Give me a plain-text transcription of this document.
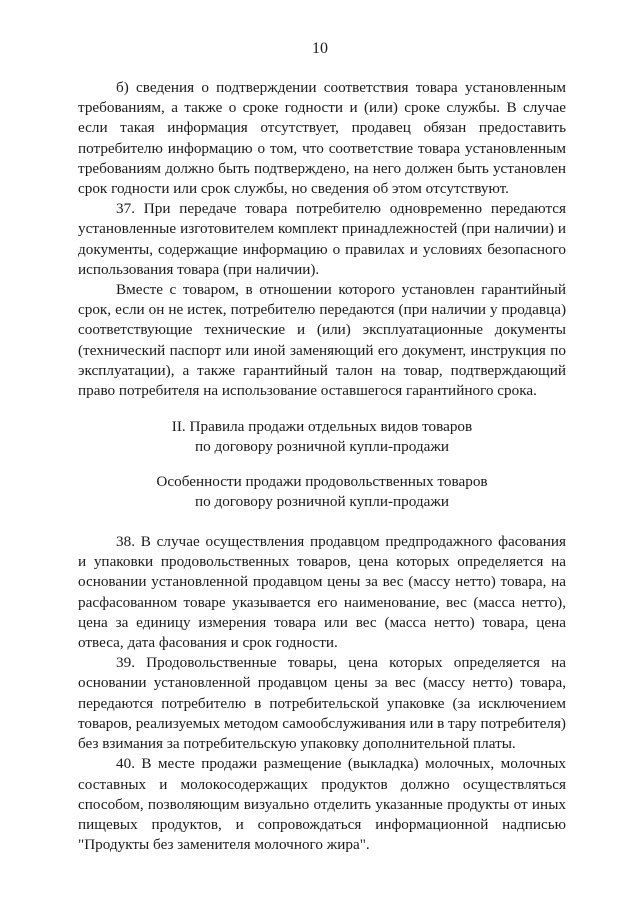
10

б) сведения о подтверждении соответствия товара установленным требованиям, а также о сроке годности и (или) сроке службы. В случае если такая информация отсутствует, продавец обязан предоставить потребителю информацию о том, что соответствие товара установленным требованиям должно быть подтверждено, на него должен быть установлен срок годности или срок службы, но сведения об этом отсутствуют.

37. При передаче товара потребителю одновременно передаются установленные изготовителем комплект принадлежностей (при наличии) и документы, содержащие информацию о правилах и условиях безопасного использования товара (при наличии).

Вместе с товаром, в отношении которого установлен гарантийный срок, если он не истек, потребителю передаются (при наличии у продавца) соответствующие технические и (или) эксплуатационные документы (технический паспорт или иной заменяющий его документ, инструкция по эксплуатации), а также гарантийный талон на товар, подтверждающий право потребителя на использование оставшегося гарантийного срока.

II. Правила продажи отдельных видов товаров
по договору розничной купли-продажи

Особенности продажи продовольственных товаров
по договору розничной купли-продажи

38. В случае осуществления продавцом предпродажного фасования и упаковки продовольственных товаров, цена которых определяется на основании установленной продавцом цены за вес (массу нетто) товара, на расфасованном товаре указывается его наименование, вес (масса нетто), цена за единицу измерения товара или вес (масса нетто) товара, цена отвеса, дата фасования и срок годности.

39. Продовольственные товары, цена которых определяется на основании установленной продавцом цены за вес (массу нетто) товара, передаются потребителю в потребительской упаковке (за исключением товаров, реализуемых методом самообслуживания или в тару потребителя) без взимания за потребительскую упаковку дополнительной платы.

40. В месте продажи размещение (выкладка) молочных, молочных составных и молокосодержащих продуктов должно осуществляться способом, позволяющим визуально отделить указанные продукты от иных пищевых продуктов, и сопровождаться информационной надписью "Продукты без заменителя молочного жира".
